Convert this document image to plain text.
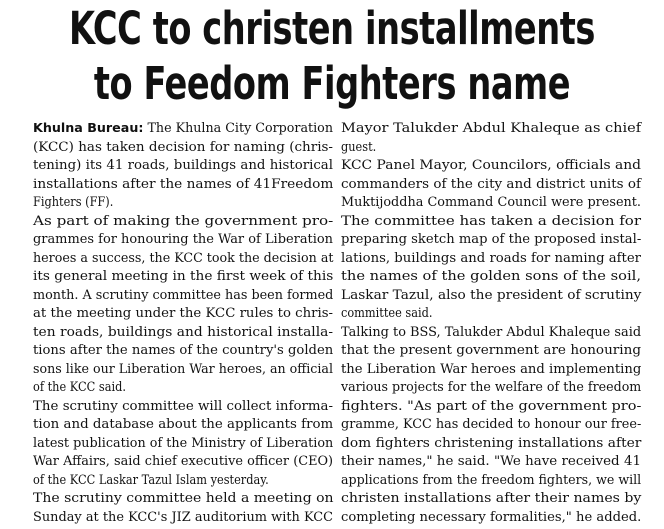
KCC to christen installments
to Feedom Fighters name
Khulna Bureau: The Khulna City Corporation
(KCC) has taken decision for naming (chris-
tening) its 41 roads, buildings and historical
installations after the names of 41Freedom
Fighters (FF).
As part of making the government pro-
grammes for honouring the War of Liberation
heroes a success, the KCC took the decision at
its general meeting in the first week of this
month. A scrutiny committee has been formed
at the meeting under the KCC rules to chris-
ten roads, buildings and historical installa-
tions after the names of the country's golden
sons like our Liberation War heroes, an official
of the KCC said.
The scrutiny committee will collect informa-
tion and database about the applicants from
latest publication of the Ministry of Liberation
War Affairs, said chief executive officer (CEO)
of the KCC Laskar Tazul Islam yesterday.
The scrutiny committee held a meeting on
Sunday at the KCC's JIZ auditorium with KCC
Mayor Talukder Abdul Khaleque as chief
guest.
KCC Panel Mayor, Councilors, officials and
commanders of the city and district units of
Muktijoddha Command Council were present.
The committee has taken a decision for
preparing sketch map of the proposed instal-
lations, buildings and roads for naming after
the names of the golden sons of the soil,
Laskar Tazul, also the president of scrutiny
committee said.
Talking to BSS, Talukder Abdul Khaleque said
that the present government are honouring
the Liberation War heroes and implementing
various projects for the welfare of the freedom
fighters. "As part of the government pro-
gramme, KCC has decided to honour our free-
dom fighters christening installations after
their names," he said. "We have received 41
applications from the freedom fighters, we will
christen installations after their names by
completing necessary formalities," he added.
